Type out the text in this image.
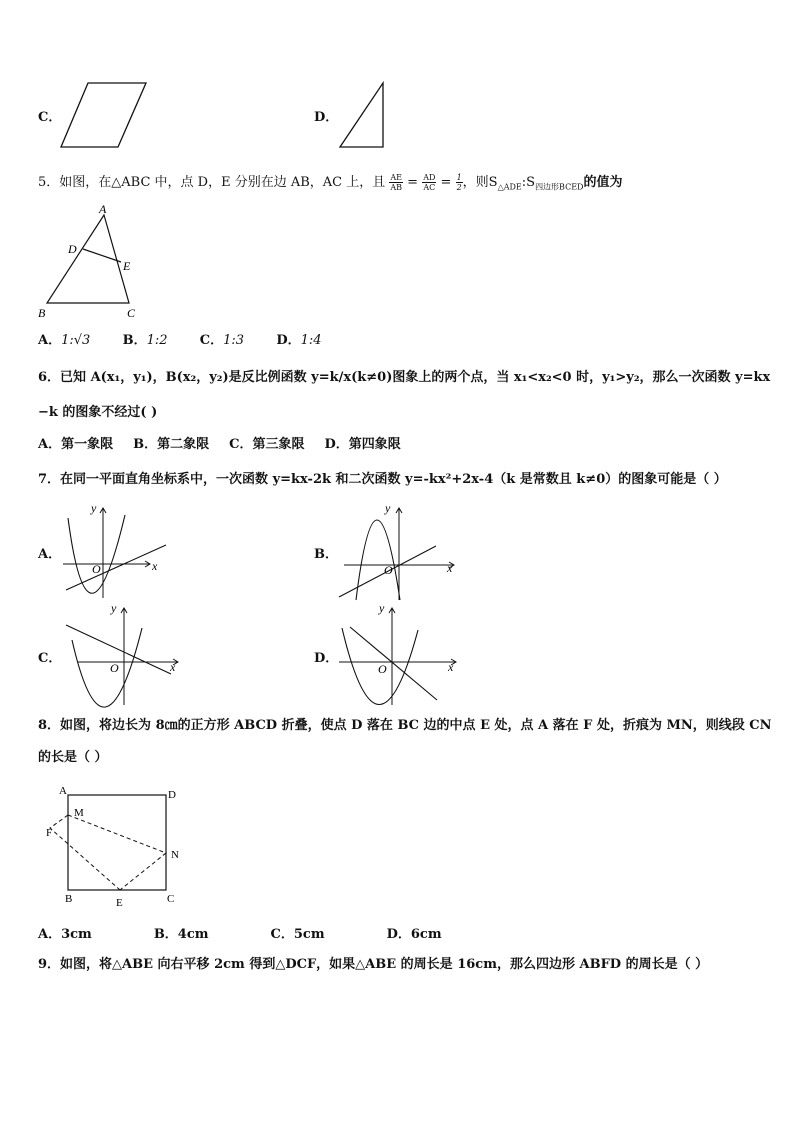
C．	D．
5．如图，在△ABC 中，点 D，E 分别在边 AB，AC 上，且 $\frac{AE}{AB} = \frac{AD}{AC} = \frac{1}{2}$ ，则$S_{\triangle ADE}:S_{四边形BCED}$的值为
A
D
E
B	C
A．1:√3 B．1:2 C．1:3 D．1:4
6．已知 A(x₁，y₁)，B(x₂，y₂)是反比例函数 y=k/x(k≠0)图象上的两个点，当 x₁<x₂<0 时，y₁>y₂，那么一次函数 y=kx
−k 的图象不经过( )
A．第一象限 B．第二象限 C．第三象限 D．第四象限
7．在同一平面直角坐标系中，一次函数 y=kx-2k 和二次函数 y=-kx²+2x-4（k 是常数且 k≠0）的图象可能是（ ）
A．
O	x
y
B．
O	x
y
C．
O	x
y
D．
O	x
y
8．如图，将边长为 8㎝的正方形 ABCD 折叠，使点 D 落在 BC 边的中点 E 处，点 A 落在 F 处，折痕为 MN，则线段 CN
的长是（ ）
A	D
M
F
N
B	E	C
A．3cm	B．4cm	C．5cm	D．6cm
9．如图，将△ABE 向右平移 2cm 得到△DCF，如果△ABE 的周长是 16cm，那么四边形 ABFD 的周长是（ ）
